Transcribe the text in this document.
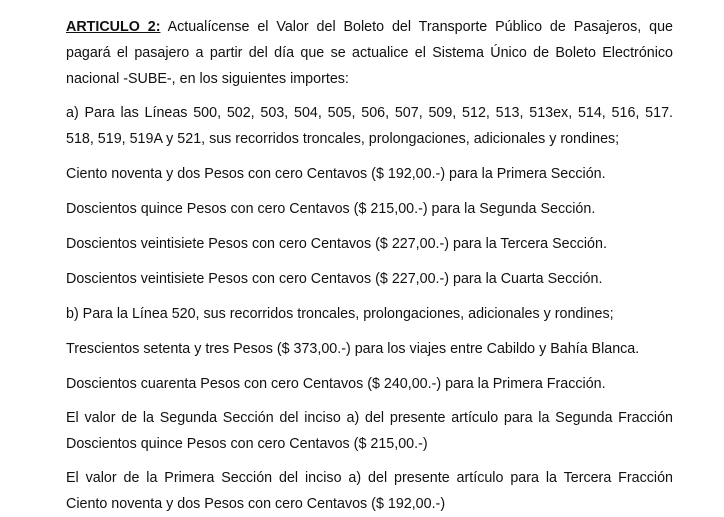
ARTICULO 2: Actualícense el Valor del Boleto del Transporte Público de Pasajeros, que pagará el pasajero a partir del día que se actualice el Sistema Único de Boleto Electrónico nacional -SUBE-, en los siguientes importes:

a) Para las Líneas 500, 502, 503, 504, 505, 506, 507, 509, 512, 513, 513ex, 514, 516, 517. 518, 519, 519A y 521, sus recorridos troncales, prolongaciones, adicionales y rondines;

Ciento noventa y dos Pesos con cero Centavos ($ 192,00.-) para la Primera Sección.

Doscientos quince Pesos con cero Centavos ($ 215,00.-) para la Segunda Sección.

Doscientos veintisiete Pesos con cero Centavos ($ 227,00.-) para la Tercera Sección.

Doscientos veintisiete Pesos con cero Centavos ($ 227,00.-) para la Cuarta Sección.

b) Para la Línea 520, sus recorridos troncales, prolongaciones, adicionales y rondines;

Trescientos setenta y tres Pesos ($ 373,00.-) para los viajes entre Cabildo y Bahía Blanca.

Doscientos cuarenta Pesos con cero Centavos ($ 240,00.-) para la Primera Fracción.

El valor de la Segunda Sección del inciso a) del presente artículo para la Segunda Fracción Doscientos quince Pesos con cero Centavos ($ 215,00.-)

El valor de la Primera Sección del inciso a) del presente artículo para la Tercera Fracción Ciento noventa y dos Pesos con cero Centavos ($ 192,00.-)
